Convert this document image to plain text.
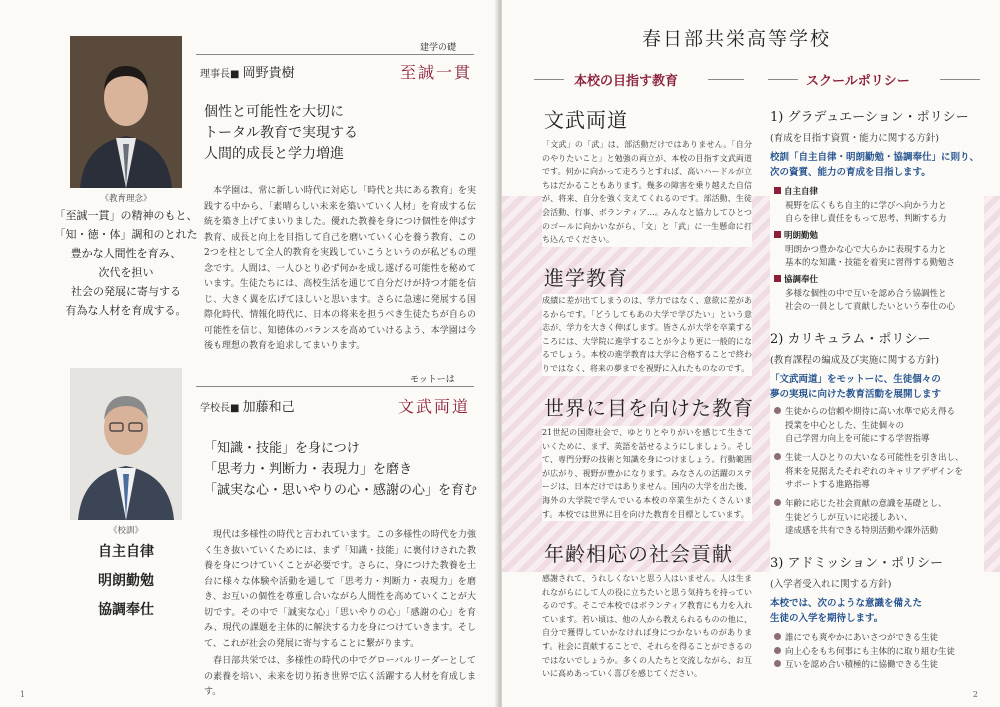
《教育理念》
「至誠一貫」の精神のもと、
「知・徳・体」調和のとれた
豊かな人間性を育み、
次代を担い
社会の発展に寄与する
有為な人材を育成する。
建学の礎
理事長■ 岡野貴樹	至誠一貫
個性と可能性を大切に
トータル教育で実現する
人間的成長と学力増進
本学園は、常に新しい時代に対応し「時代と共にある教育」を実践する中から、「素晴らしい未来を築いていく人材」を育成する伝統を築き上げてまいりました。優れた教養を身につけ個性を伸ばす教育、成長と向上を目指して自己を磨いていく心を養う教育、この2つを柱として全人的教育を実践していこうというのが私どもの理念です。人間は、一人ひとり必ず何かを成し遂げる可能性を秘めています。生徒たちには、高校生活を通じて自分だけが持つ才能を信じ、大きく翼を広げてほしいと思います。さらに急速に発展する国際化時代、情報化時代に、日本の将来を担うべき生徒たちが自らの可能性を信じ、知徳体のバランスを高めていけるよう、本学園は今後も理想の教育を追求してまいります。
《校訓》
自主自律
明朗勤勉
協調奉仕
モットーは
学校長■ 加藤和己	文武両道
「知識・技能」を身につけ
「思考力・判断力・表現力」を磨き
「誠実な心・思いやりの心・感謝の心」を育む
現代は多様性の時代と言われています。この多様性の時代を力強く生き抜いていくためには、まず「知識・技能」に裏付けされた教養を身につけていくことが必要です。さらに、身につけた教養を土台に様々な体験や活動を通して「思考力・判断力・表現力」を磨き、お互いの個性を尊重し合いながら人間性を高めていくことが大切です。その中で「誠実な心」「思いやりの心」「感謝の心」を育み、現代の課題を主体的に解決する力を身につけていきます。そして、これが社会の発展に寄与することに繋がります。
春日部共栄では、多様性の時代の中でグローバルリーダーとしての素養を培い、未来を切り拓き世界で広く活躍する人材を育成します。
1
春日部共栄高等学校
本校の目指す教育	スクールポリシー
文武両道
「文武」の「武」は、部活動だけではありません。「自分のやりたいこと」と勉強の両立が、本校の目指す文武両道です。何かに向かって走ろうとすれば、高いハードルが立ちはだかることもあります。幾多の障害を乗り越えた自信が、将来、自分を強く支えてくれるのです。部活動、生徒会活動、行事、ボランティア…。みんなと協力してひとつのゴールに向かいながら、「文」と「武」に一生懸命に打ち込んでください。
進学教育
成績に差が出てしまうのは、学力ではなく、意欲に差があるからです。「どうしてもあの大学で学びたい」という意志が、学力を大きく伸ばします。皆さんが大学を卒業するころには、大学院に進学することが今より更に一般的になるでしょう。本校の進学教育は大学に合格することで終わりではなく、将来の夢までを視野に入れたものなのです。
世界に目を向けた教育
21世紀の国際社会で、ゆとりとやりがいを感じて生きていくために、まず、英語を話せるようにしましょう。そして、専門分野の技術と知識を身につけましょう。行動範囲が広がり、視野が豊かになります。みなさんの活躍のステージは、日本だけではありません。国内の大学を出た後、海外の大学院で学んでいる本校の卒業生がたくさんいます。本校では世界に目を向けた教育を目標としています。
年齢相応の社会貢献
感謝されて、うれしくないと思う人はいません。人は生まれながらにして人の役に立ちたいと思う気持ちを持っているのです。そこで本校ではボランティア教育にも力を入れています。若い頃は、他の人から教えられるものの他に、自分で獲得していかなければ身につかないものがあります。社会に貢献することで、それらを得ることができるのではないでしょうか。多くの人たちと交流しながら、お互いに高めあっていく喜びを感じてください。
1) グラデュエーション・ポリシー
(育成を目指す資質・能力に関する方針)
校訓「自主自律・明朗勤勉・協調奉仕」に則り、
次の資質、能力の育成を目指します。
自主自律
視野を広くもち自主的に学びへ向かう力と
自らを律し責任をもって思考、判断する力
明朗勤勉
明朗かつ豊かな心で大らかに表現する力と
基本的な知識・技能を着実に習得する勤勉さ
協調奉仕
多様な個性の中で互いを認め合う協調性と
社会の一員として貢献したいという奉仕の心
2) カリキュラム・ポリシー
(教育課程の編成及び実施に関する方針)
「文武両道」をモットーに、生徒個々の
夢の実現に向けた教育活動を展開します
生徒からの信頼や期待に高い水準で応え得る
授業を中心とした、生徒個々の
自己学習力向上を可能にする学習指導
生徒一人ひとりの大いなる可能性を引き出し、
将来を見据えたそれぞれのキャリアデザインを
サポートする進路指導
年齢に応じた社会貢献の意識を基礎とし、
生徒どうしが互いに応援しあい、
達成感を共有できる特別活動や課外活動
3) アドミッション・ポリシー
(入学者受入れに関する方針)
本校では、次のような意識を備えた
生徒の入学を期待します。
誰にでも爽やかにあいさつができる生徒
向上心をもち何事にも主体的に取り組む生徒
互いを認め合い積極的に協働できる生徒
2
